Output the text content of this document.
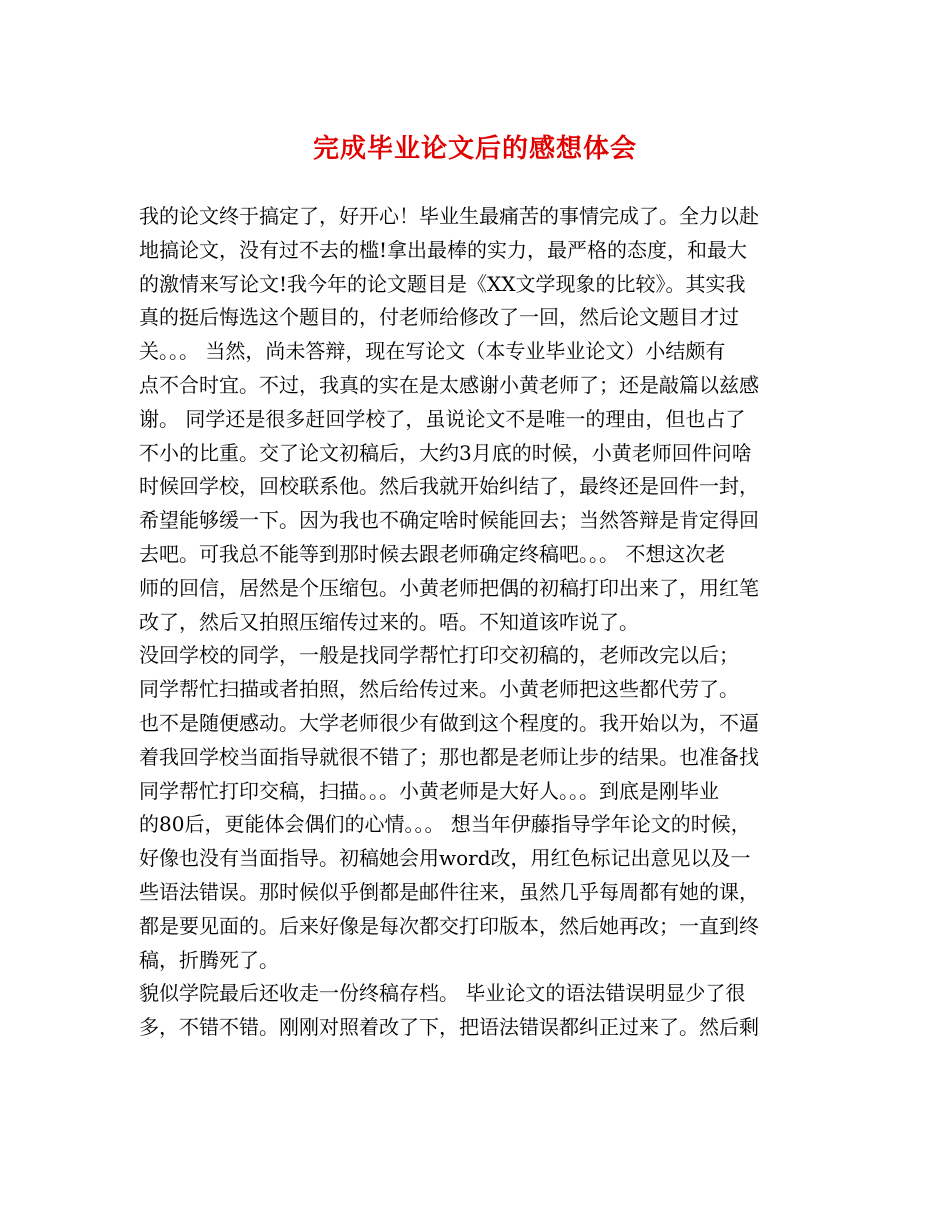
完成毕业论文后的感想体会
我的论文终于搞定了，好开心！毕业生最痛苦的事情完成了。全力以赴
地搞论文，没有过不去的槛!拿出最棒的实力，最严格的态度，和最大
的激情来写论文!我今年的论文题目是《XX文学现象的比较》。其实我
真的挺后悔选这个题目的，付老师给修改了一回，然后论文题目才过
关。。。 当然，尚未答辩，现在写论文（本专业毕业论文）小结颇有
点不合时宜。不过，我真的实在是太感谢小黄老师了；还是敲篇以兹感
谢。 同学还是很多赶回学校了，虽说论文不是唯一的理由，但也占了
不小的比重。交了论文初稿后，大约3月底的时候，小黄老师回件问啥
时候回学校，回校联系他。然后我就开始纠结了，最终还是回件一封，
希望能够缓一下。因为我也不确定啥时候能回去；当然答辩是肯定得回
去吧。可我总不能等到那时候去跟老师确定终稿吧。。。 不想这次老
师的回信，居然是个压缩包。小黄老师把偶的初稿打印出来了，用红笔
改了，然后又拍照压缩传过来的。唔。不知道该咋说了。
没回学校的同学，一般是找同学帮忙打印交初稿的，老师改完以后；
同学帮忙扫描或者拍照，然后给传过来。小黄老师把这些都代劳了。
也不是随便感动。大学老师很少有做到这个程度的。我开始以为，不逼
着我回学校当面指导就很不错了；那也都是老师让步的结果。也准备找
同学帮忙打印交稿，扫描。。。小黄老师是大好人。。。到底是刚毕业
的80后，更能体会偶们的心情。。。 想当年伊藤指导学年论文的时候，
好像也没有当面指导。初稿她会用word改，用红色标记出意见以及一
些语法错误。那时候似乎倒都是邮件往来，虽然几乎每周都有她的课，
都是要见面的。后来好像是每次都交打印版本，然后她再改；一直到终
稿，折腾死了。
貌似学院最后还收走一份终稿存档。 毕业论文的语法错误明显少了很
多，不错不错。刚刚对照着改了下，把语法错误都纠正过来了。然后剩
